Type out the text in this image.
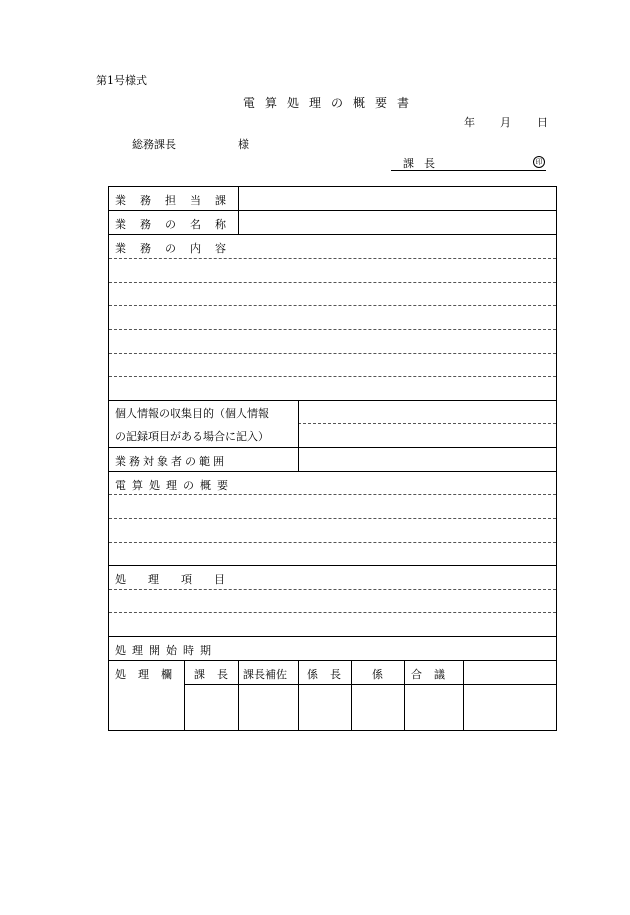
第1号様式
電算処理の概要書
年 月 日
総務課長	様
課長	印
業務担当課
業務の名称
業務の内容
個人情報の収集目的（個人情報
の記録項目がある場合に記入）
業務対象者の範囲
電算処理の概要
処理項目
処理開始時期
処理欄 課長 課長補佐 係長 係	合議
